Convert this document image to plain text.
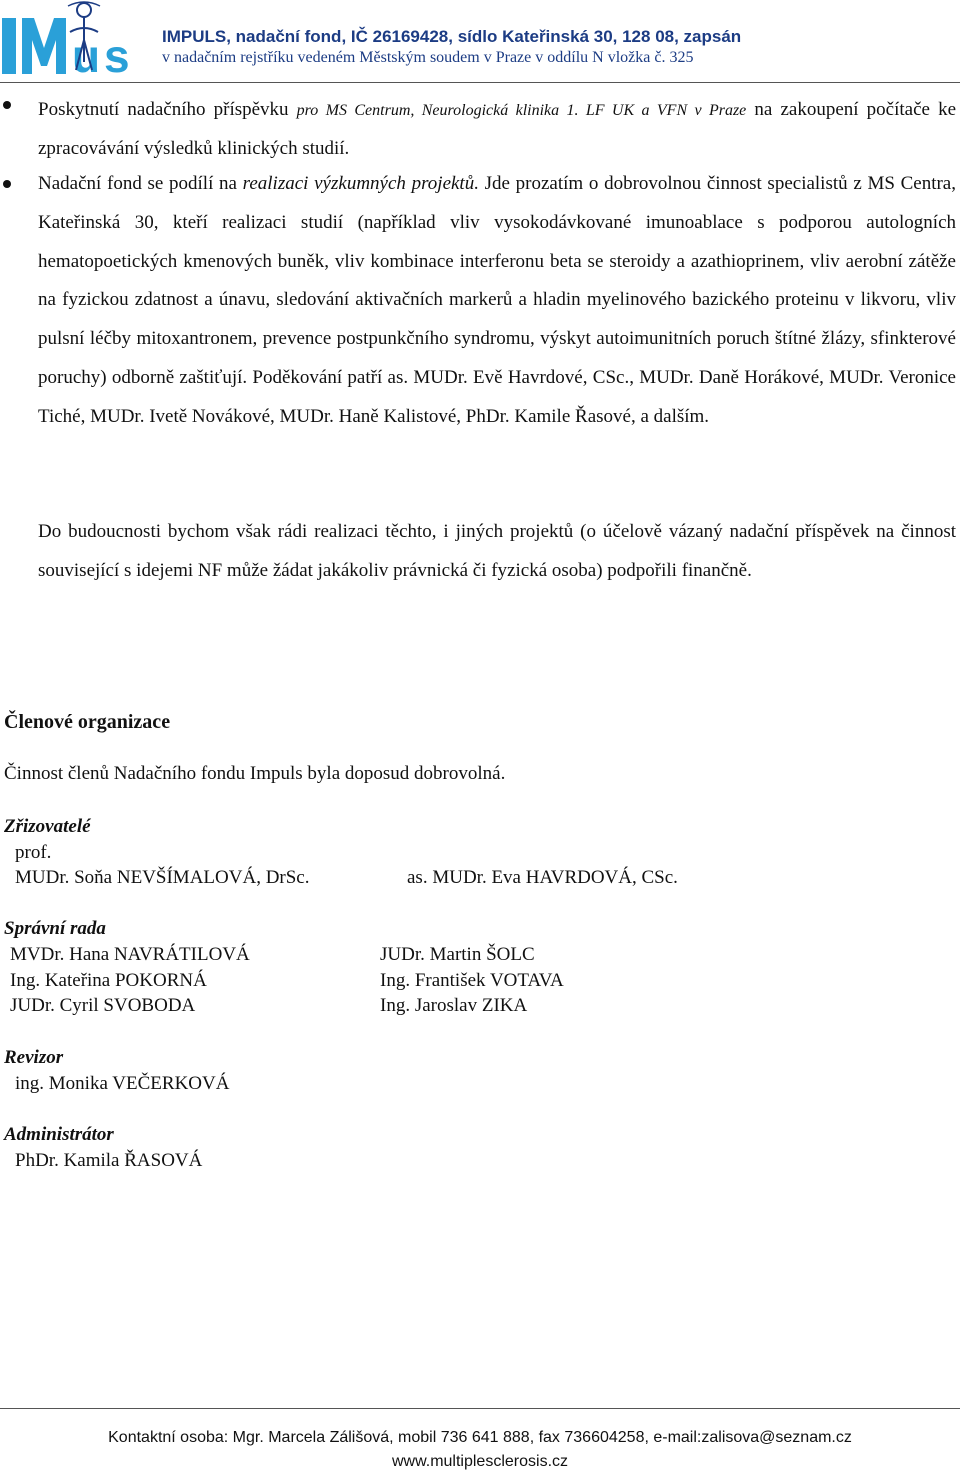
u s IMPULS, nadační fond, IČ 26169428, sídlo Kateřinská 30, 128 08, zapsán
v nadačním rejstříku vedeném Městským soudem v Praze v oddílu N vložka č. 325
Poskytnutí nadačního příspěvku pro MS Centrum, Neurologická klinika 1. LF UK a VFN v Praze na zakoupení počítače ke zpracovávání výsledků klinických studií.
Nadační fond se podílí na realizaci výzkumných projektů. Jde prozatím o dobrovolnou činnost specialistů z MS Centra, Kateřinská 30, kteří realizaci studií (například vliv vysokodávkované imunoablace s podporou autologních hematopoetických kmenových buněk, vliv kombinace interferonu beta se steroidy a azathioprinem, vliv aerobní zátěže na fyzickou zdatnost a únavu, sledování aktivačních markerů a hladin myelinového bazického proteinu v likvoru, vliv pulsní léčby mitoxantronem, prevence postpunkčního syndromu, výskyt autoimunitních poruch štítné žlázy, sfinkterové poruchy) odborně zaštiťují. Poděkování patří as. MUDr. Evě Havrdové, CSc., MUDr. Daně Horákové, MUDr. Veronice Tiché, MUDr. Ivetě Novákové, MUDr. Haně Kalistové, PhDr. Kamile Řasové, a dalším.
Do budoucnosti bychom však rádi realizaci těchto, i jiných projektů (o účelově vázaný nadační příspěvek na činnost související s idejemi NF může žádat jakákoliv právnická či fyzická osoba) podpořili finančně.
Členové organizace
Činnost členů Nadačního fondu Impuls byla doposud dobrovolná.
Zřizovatelé
prof.
MUDr. Soňa NEVŠÍMALOVÁ, DrSc.	as. MUDr. Eva HAVRDOVÁ, CSc.
Správní rada
MVDr. Hana NAVRÁTILOVÁ
Ing. Kateřina POKORNÁ
JUDr. Cyril SVOBODA
JUDr. Martin ŠOLC
Ing. František VOTAVA
Ing. Jaroslav ZIKA
Revizor
ing. Monika VEČERKOVÁ
Administrátor
PhDr. Kamila ŘASOVÁ
Kontaktní osoba: Mgr. Marcela Zálišová, mobil 736 641 888, fax 736604258, e-mail:zalisova@seznam.cz
www.multiplesclerosis.cz
